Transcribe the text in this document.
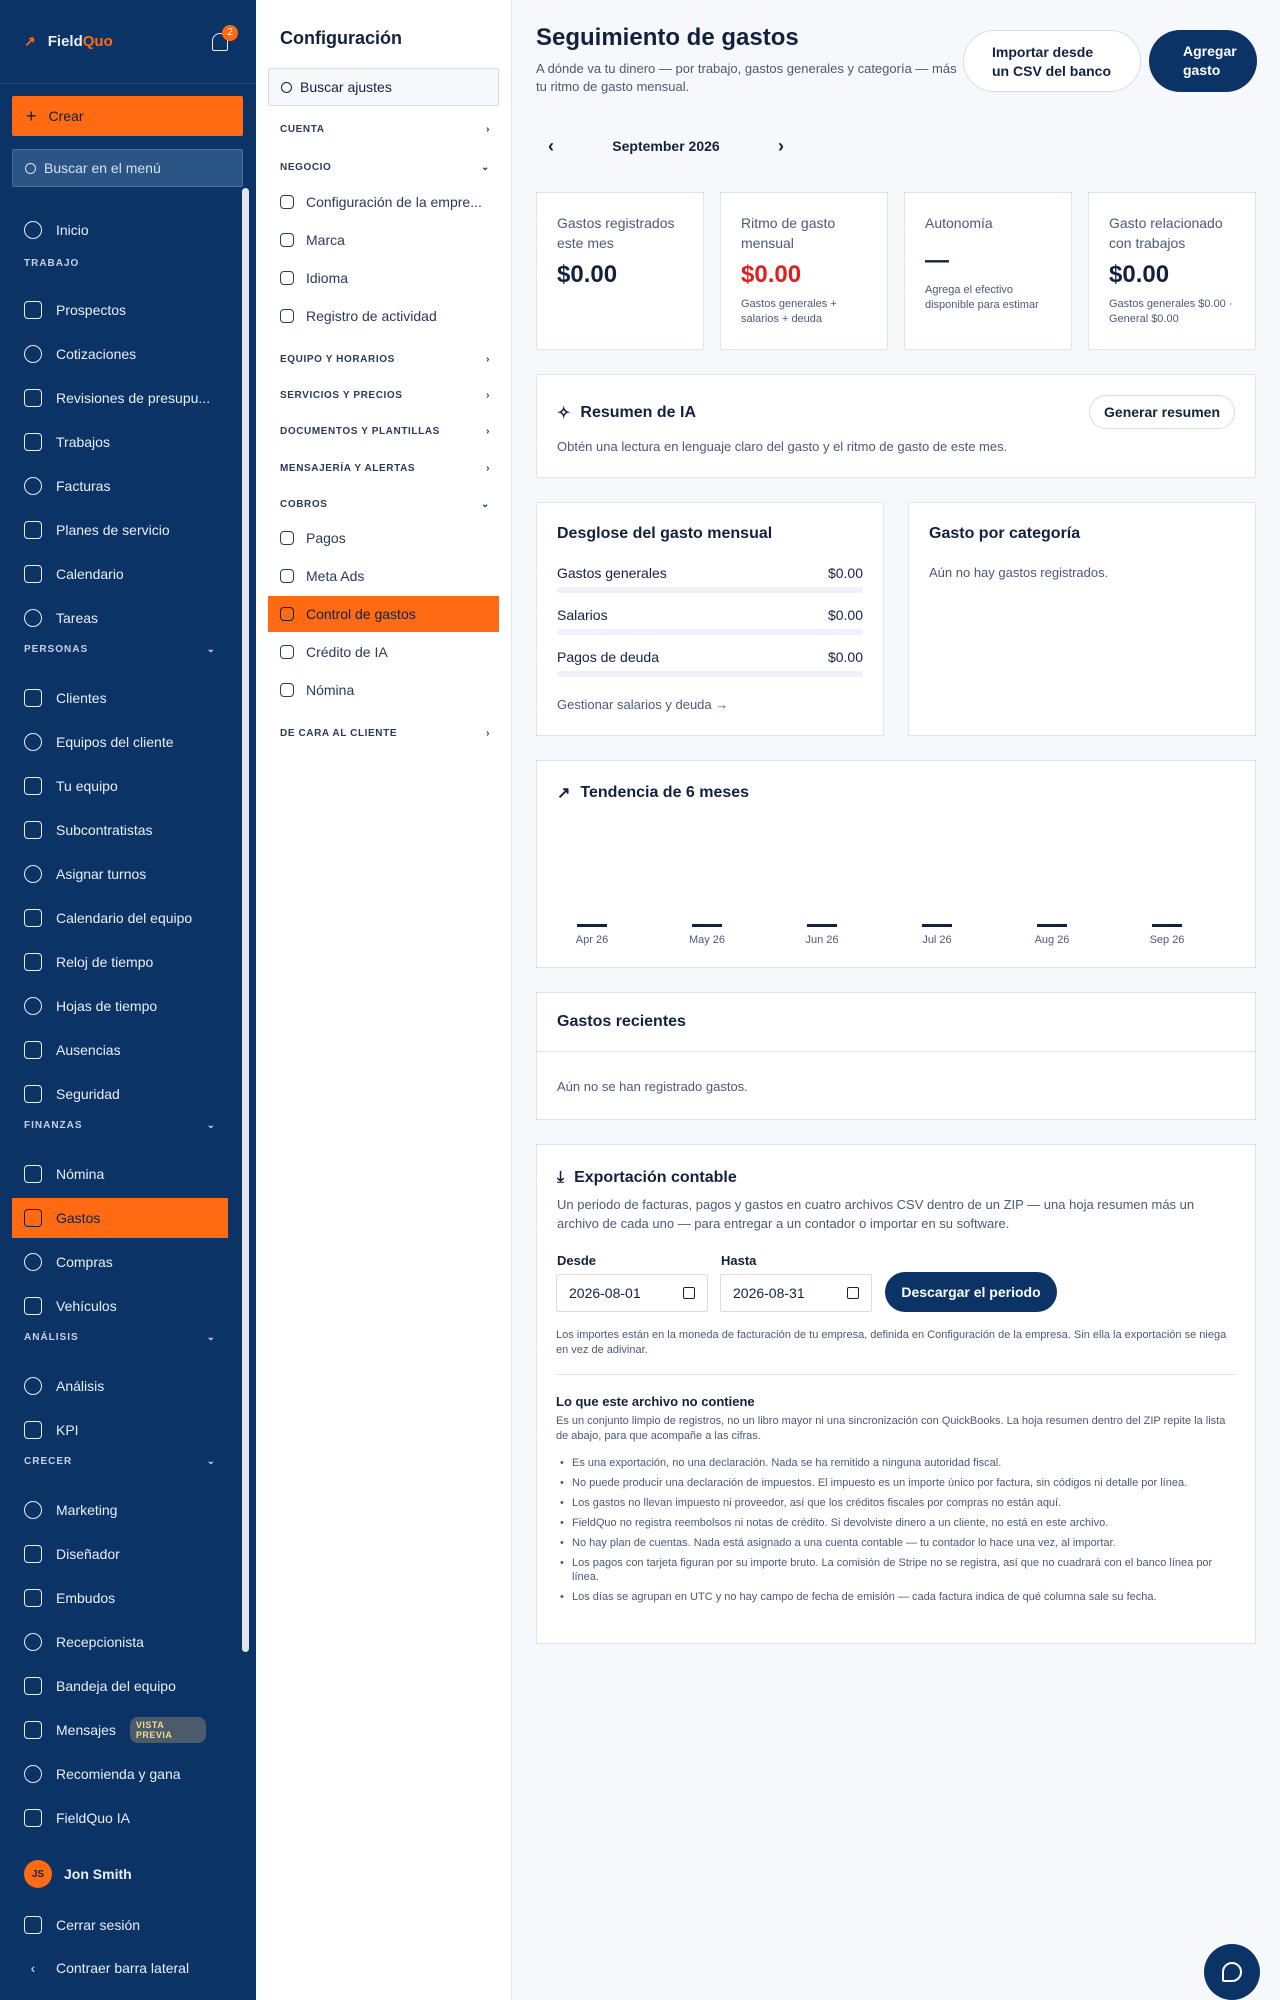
↗ FieldQuo
2
+ Crear
Buscar en el menú
Inicio
TRABAJO
Prospectos
Cotizaciones
Revisiones de presupu...
Trabajos
Facturas
Planes de servicio
Calendario
Tareas
PERSONAS	⌄
Clientes
Equipos del cliente
Tu equipo
Subcontratistas
Asignar turnos
Calendario del equipo
Reloj de tiempo
Hojas de tiempo
Ausencias
Seguridad
FINANZAS	⌄
Nómina
Gastos
Compras
Vehículos
ANÁLISIS	⌄
Análisis
KPI
CRECER	⌄
Marketing
Diseñador
Embudos
Recepcionista
Bandeja del equipo
Mensajes	VISTA PREVIA
Recomienda y gana
FieldQuo IA
JS	Jon Smith
Cerrar sesión
‹	Contraer barra lateral
Configuración
Buscar ajustes
CUENTA	›
NEGOCIO	⌄
Configuración de la empre...
Marca
Idioma
Registro de actividad
EQUIPO Y HORARIOS	›
SERVICIOS Y PRECIOS	›
DOCUMENTOS Y PLANTILLAS	›
MENSAJERÍA Y ALERTAS	›
COBROS	⌄
Pagos
Meta Ads
Control de gastos
Crédito de IA
Nómina
DE CARA AL CLIENTE	›
Seguimiento de gastos
A dónde va tu dinero — por trabajo, gastos generales y categoría — más tu ritmo de gasto mensual.
Importar desde un CSV del banco
Agregar gasto
‹	September 2026	›
Gastos registrados este mes
$0.00
Ritmo de gasto mensual
$0.00
Gastos generales + salarios + deuda
Autonomía
—
Agrega el efectivo disponible para estimar
Gasto relacionado con trabajos
$0.00
Gastos generales $0.00 · General $0.00
✧ Resumen de IA	Generar resumen
Obtén una lectura en lenguaje claro del gasto y el ritmo de gasto de este mes.
Desglose del gasto mensual
Gastos generales	$0.00
Salarios	$0.00
Pagos de deuda	$0.00
Gestionar salarios y deuda →
Gasto por categoría
Aún no hay gastos registrados.
↗ Tendencia de 6 meses
Apr 26	May 26	Jun 26	Jul 26	Aug 26	Sep 26
Gastos recientes
Aún no se han registrado gastos.
⤓ Exportación contable
Un periodo de facturas, pagos y gastos en cuatro archivos CSV dentro de un ZIP — una hoja resumen más un archivo de cada uno — para entregar a un contador o importar en su software.
Desde	Hasta
2026-08-01	2026-08-31	Descargar el periodo
Los importes están en la moneda de facturación de tu empresa, definida en Configuración de la empresa. Sin ella la exportación se niega en vez de adivinar.
Lo que este archivo no contiene
Es un conjunto limpio de registros, no un libro mayor ni una sincronización con QuickBooks. La hoja resumen dentro del ZIP repite la lista de abajo, para que acompañe a las cifras.
• Es una exportación, no una declaración. Nada se ha remitido a ninguna autoridad fiscal.
• No puede producir una declaración de impuestos. El impuesto es un importe único por factura, sin códigos ni detalle por línea.
• Los gastos no llevan impuesto ni proveedor, así que los créditos fiscales por compras no están aquí.
• FieldQuo no registra reembolsos ni notas de crédito. Si devolviste dinero a un cliente, no está en este archivo.
• No hay plan de cuentas. Nada está asignado a una cuenta contable — tu contador lo hace una vez, al importar.
• Los pagos con tarjeta figuran por su importe bruto. La comisión de Stripe no se registra, así que no cuadrará con el banco línea por línea.
• Los días se agrupan en UTC y no hay campo de fecha de emisión — cada factura indica de qué columna sale su fecha.
